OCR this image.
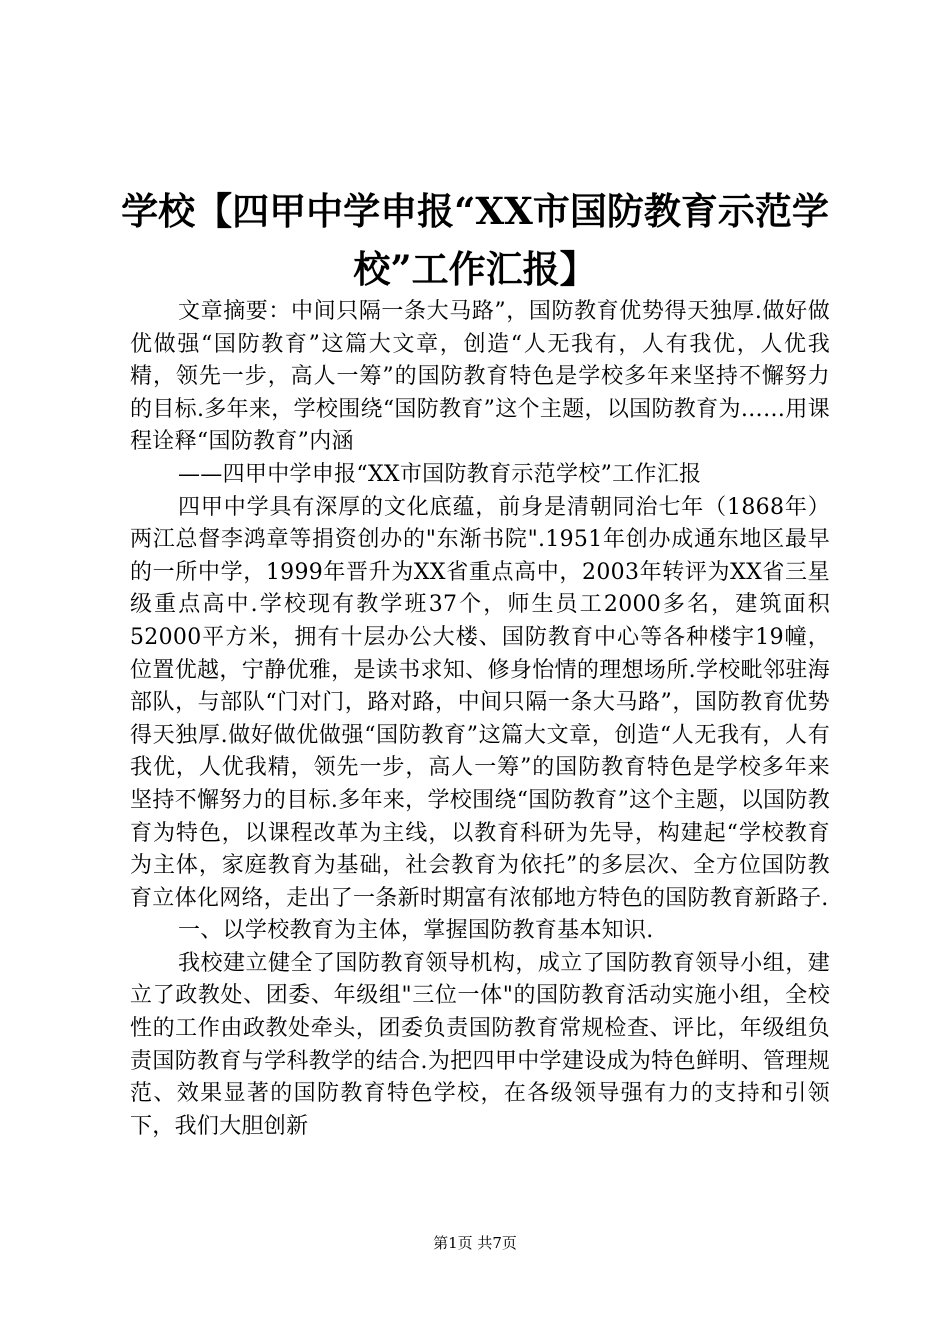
学校【四甲中学申报“XX市国防教育示范学
校”工作汇报】

文章摘要：中间只隔一条大马路”，国防教育优势得天独厚.做好做优做强“国防教育”这篇大文章，创造“人无我有，人有我优，人优我精，领先一步，高人一筹”的国防教育特色是学校多年来坚持不懈努力的目标.多年来，学校围绕“国防教育”这个主题，以国防教育为……用课程诠释“国防教育”内涵

——四甲中学申报“XX市国防教育示范学校”工作汇报

四甲中学具有深厚的文化底蕴，前身是清朝同治七年（1868年）两江总督李鸿章等捐资创办的"东渐书院".1951年创办成通东地区最早的一所中学，1999年晋升为XX省重点高中，2003年转评为XX省三星级重点高中.学校现有教学班37个，师生员工2000多名，建筑面积52000平方米，拥有十层办公大楼、国防教育中心等各种楼宇19幢，位置优越，宁静优雅，是读书求知、修身怡情的理想场所.学校毗邻驻海部队，与部队“门对门，路对路，中间只隔一条大马路”，国防教育优势得天独厚.做好做优做强“国防教育”这篇大文章，创造“人无我有，人有我优，人优我精，领先一步，高人一筹”的国防教育特色是学校多年来坚持不懈努力的目标.多年来，学校围绕“国防教育”这个主题，以国防教育为特色，以课程改革为主线，以教育科研为先导，构建起“学校教育为主体，家庭教育为基础，社会教育为依托”的多层次、全方位国防教育立体化网络，走出了一条新时期富有浓郁地方特色的国防教育新路子.

一、以学校教育为主体，掌握国防教育基本知识.

我校建立健全了国防教育领导机构，成立了国防教育领导小组，建立了政教处、团委、年级组"三位一体"的国防教育活动实施小组，全校性的工作由政教处牵头，团委负责国防教育常规检查、评比，年级组负责国防教育与学科教学的结合.为把四甲中学建设成为特色鲜明、管理规范、效果显著的国防教育特色学校，在各级领导强有力的支持和引领下，我们大胆创新

第1页 共7页
